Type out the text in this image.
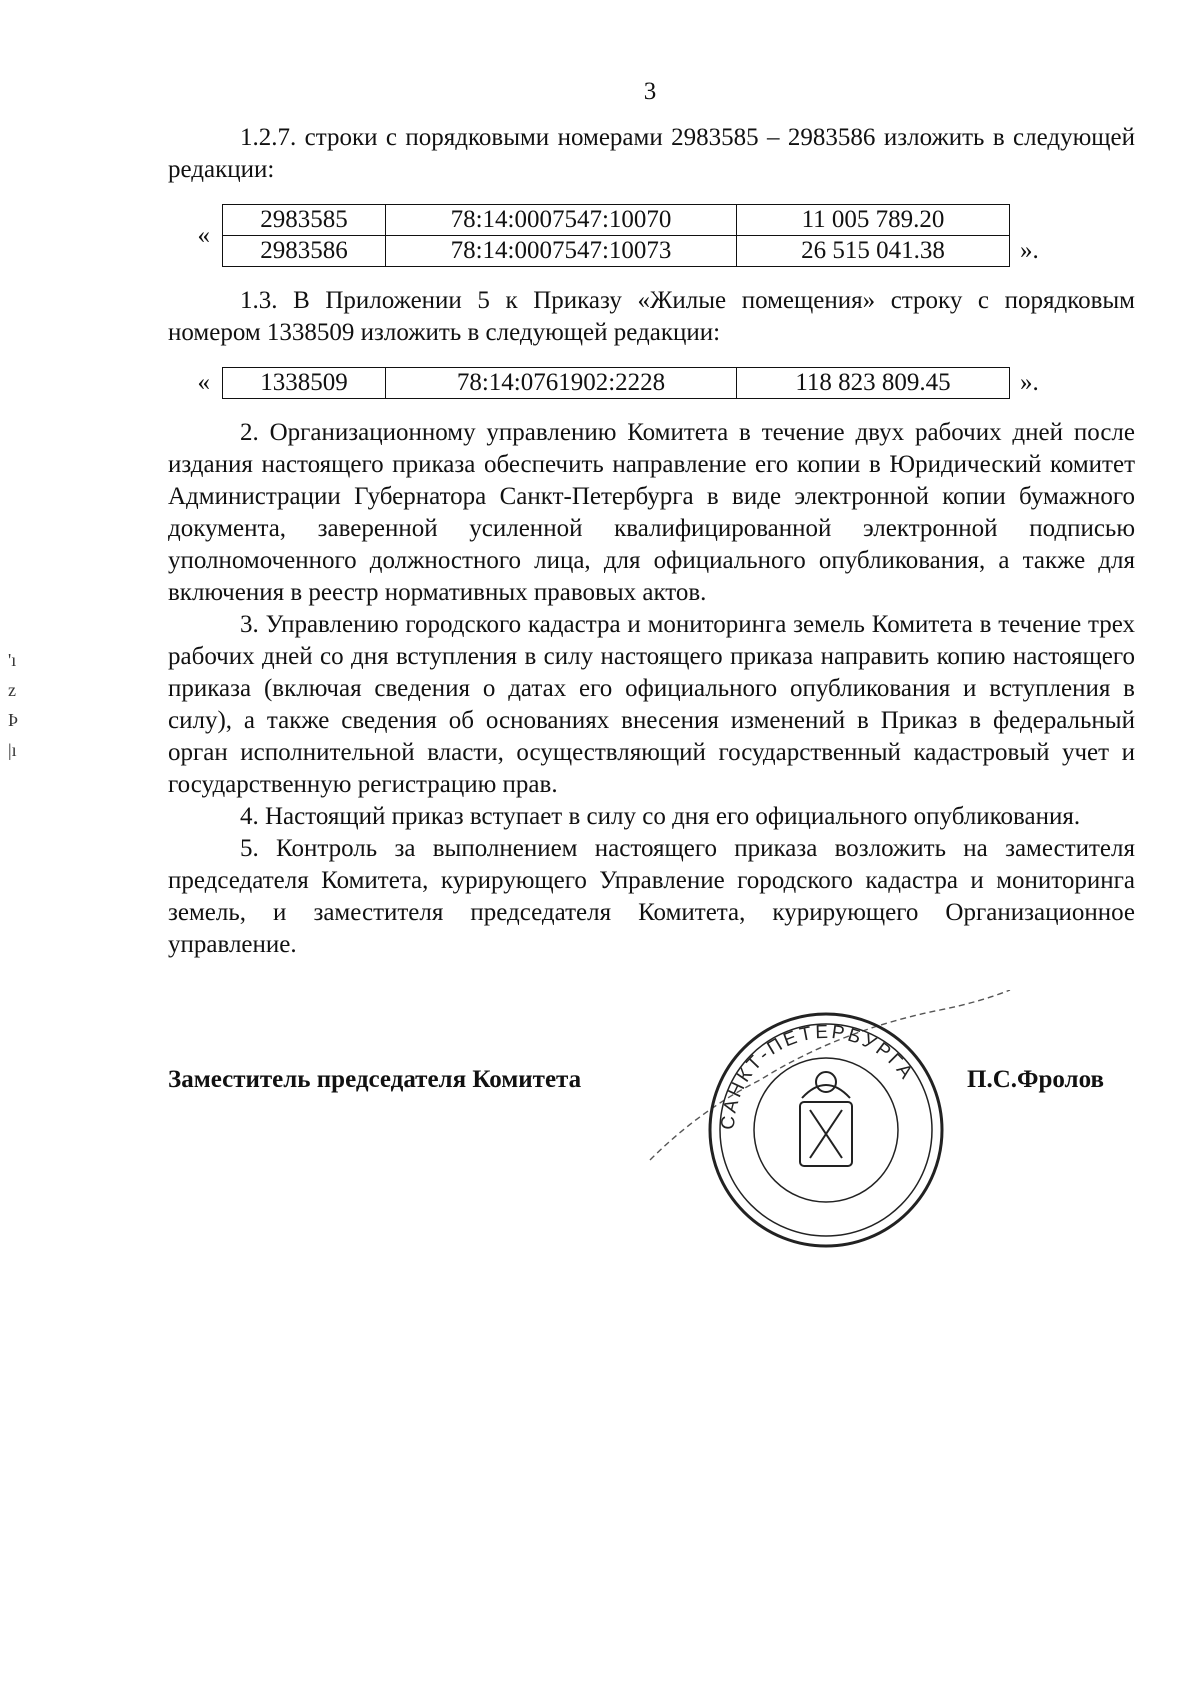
3

1.2.7. строки с порядковыми номерами 2983585 – 2983586 изложить в следующей редакции:

«
2983585	78:14:0007547:10070	11 005 789.20
2983586	78:14:0007547:10073	26 515 041.38	».

1.3. В Приложении 5 к Приказу «Жилые помещения» строку с порядковым номером 1338509 изложить в следующей редакции:

«	1338509	78:14:0761902:2228	118 823 809.45	».

2. Организационному управлению Комитета в течение двух рабочих дней после издания настоящего приказа обеспечить направление его копии в Юридический комитет Администрации Губернатора Санкт-Петербурга в виде электронной копии бумажного документа, заверенной усиленной квалифицированной электронной подписью уполномоченного должностного лица, для официального опубликования, а также для включения в реестр нормативных правовых актов.

3. Управлению городского кадастра и мониторинга земель Комитета в течение трех рабочих дней со дня вступления в силу настоящего приказа направить копию настоящего приказа (включая сведения о датах его официального опубликования и вступления в силу), а также сведения об основаниях внесения изменений в Приказ в федеральный орган исполнительной власти, осуществляющий государственный кадастровый учет и государственную регистрацию прав.

4. Настоящий приказ вступает в силу со дня его официального опубликования.

5. Контроль за выполнением настоящего приказа возложить на заместителя председателя Комитета, курирующего Управление городского кадастра и мониторинга земель, и заместителя председателя Комитета, курирующего Организационное управление.

'ı
z
Þ
|ı
САНКТ-ПЕТЕРБУРГА
Заместитель председателя Комитета	П.С.Фролов
